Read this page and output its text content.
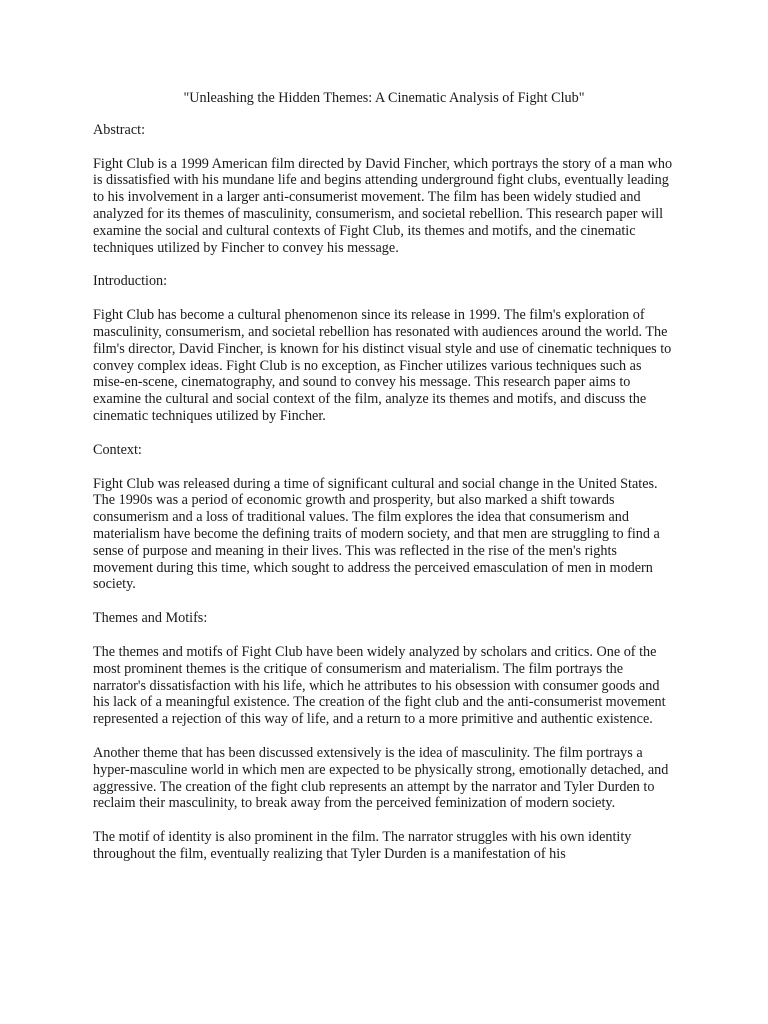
"Unleashing the Hidden Themes: A Cinematic Analysis of Fight Club"
Abstract:

Fight Club is a 1999 American film directed by David Fincher, which portrays the story of a man who is dissatisfied with his mundane life and begins attending underground fight clubs, eventually leading to his involvement in a larger anti-consumerist movement. The film has been widely studied and analyzed for its themes of masculinity, consumerism, and societal rebellion. This research paper will examine the social and cultural contexts of Fight Club, its themes and motifs, and the cinematic techniques utilized by Fincher to convey his message.

Introduction:

Fight Club has become a cultural phenomenon since its release in 1999. The film's exploration of masculinity, consumerism, and societal rebellion has resonated with audiences around the world. The film's director, David Fincher, is known for his distinct visual style and use of cinematic techniques to convey complex ideas. Fight Club is no exception, as Fincher utilizes various techniques such as mise-en-scene, cinematography, and sound to convey his message. This research paper aims to examine the cultural and social context of the film, analyze its themes and motifs, and discuss the cinematic techniques utilized by Fincher.

Context:

Fight Club was released during a time of significant cultural and social change in the United States. The 1990s was a period of economic growth and prosperity, but also marked a shift towards consumerism and a loss of traditional values. The film explores the idea that consumerism and materialism have become the defining traits of modern society, and that men are struggling to find a sense of purpose and meaning in their lives. This was reflected in the rise of the men's rights movement during this time, which sought to address the perceived emasculation of men in modern society.

Themes and Motifs:

The themes and motifs of Fight Club have been widely analyzed by scholars and critics. One of the most prominent themes is the critique of consumerism and materialism. The film portrays the narrator's dissatisfaction with his life, which he attributes to his obsession with consumer goods and his lack of a meaningful existence. The creation of the fight club and the anti-consumerist movement represented a rejection of this way of life, and a return to a more primitive and authentic existence.

Another theme that has been discussed extensively is the idea of masculinity. The film portrays a hyper-masculine world in which men are expected to be physically strong, emotionally detached, and aggressive. The creation of the fight club represents an attempt by the narrator and Tyler Durden to reclaim their masculinity, to break away from the perceived feminization of modern society.

The motif of identity is also prominent in the film. The narrator struggles with his own identity throughout the film, eventually realizing that Tyler Durden is a manifestation of his
